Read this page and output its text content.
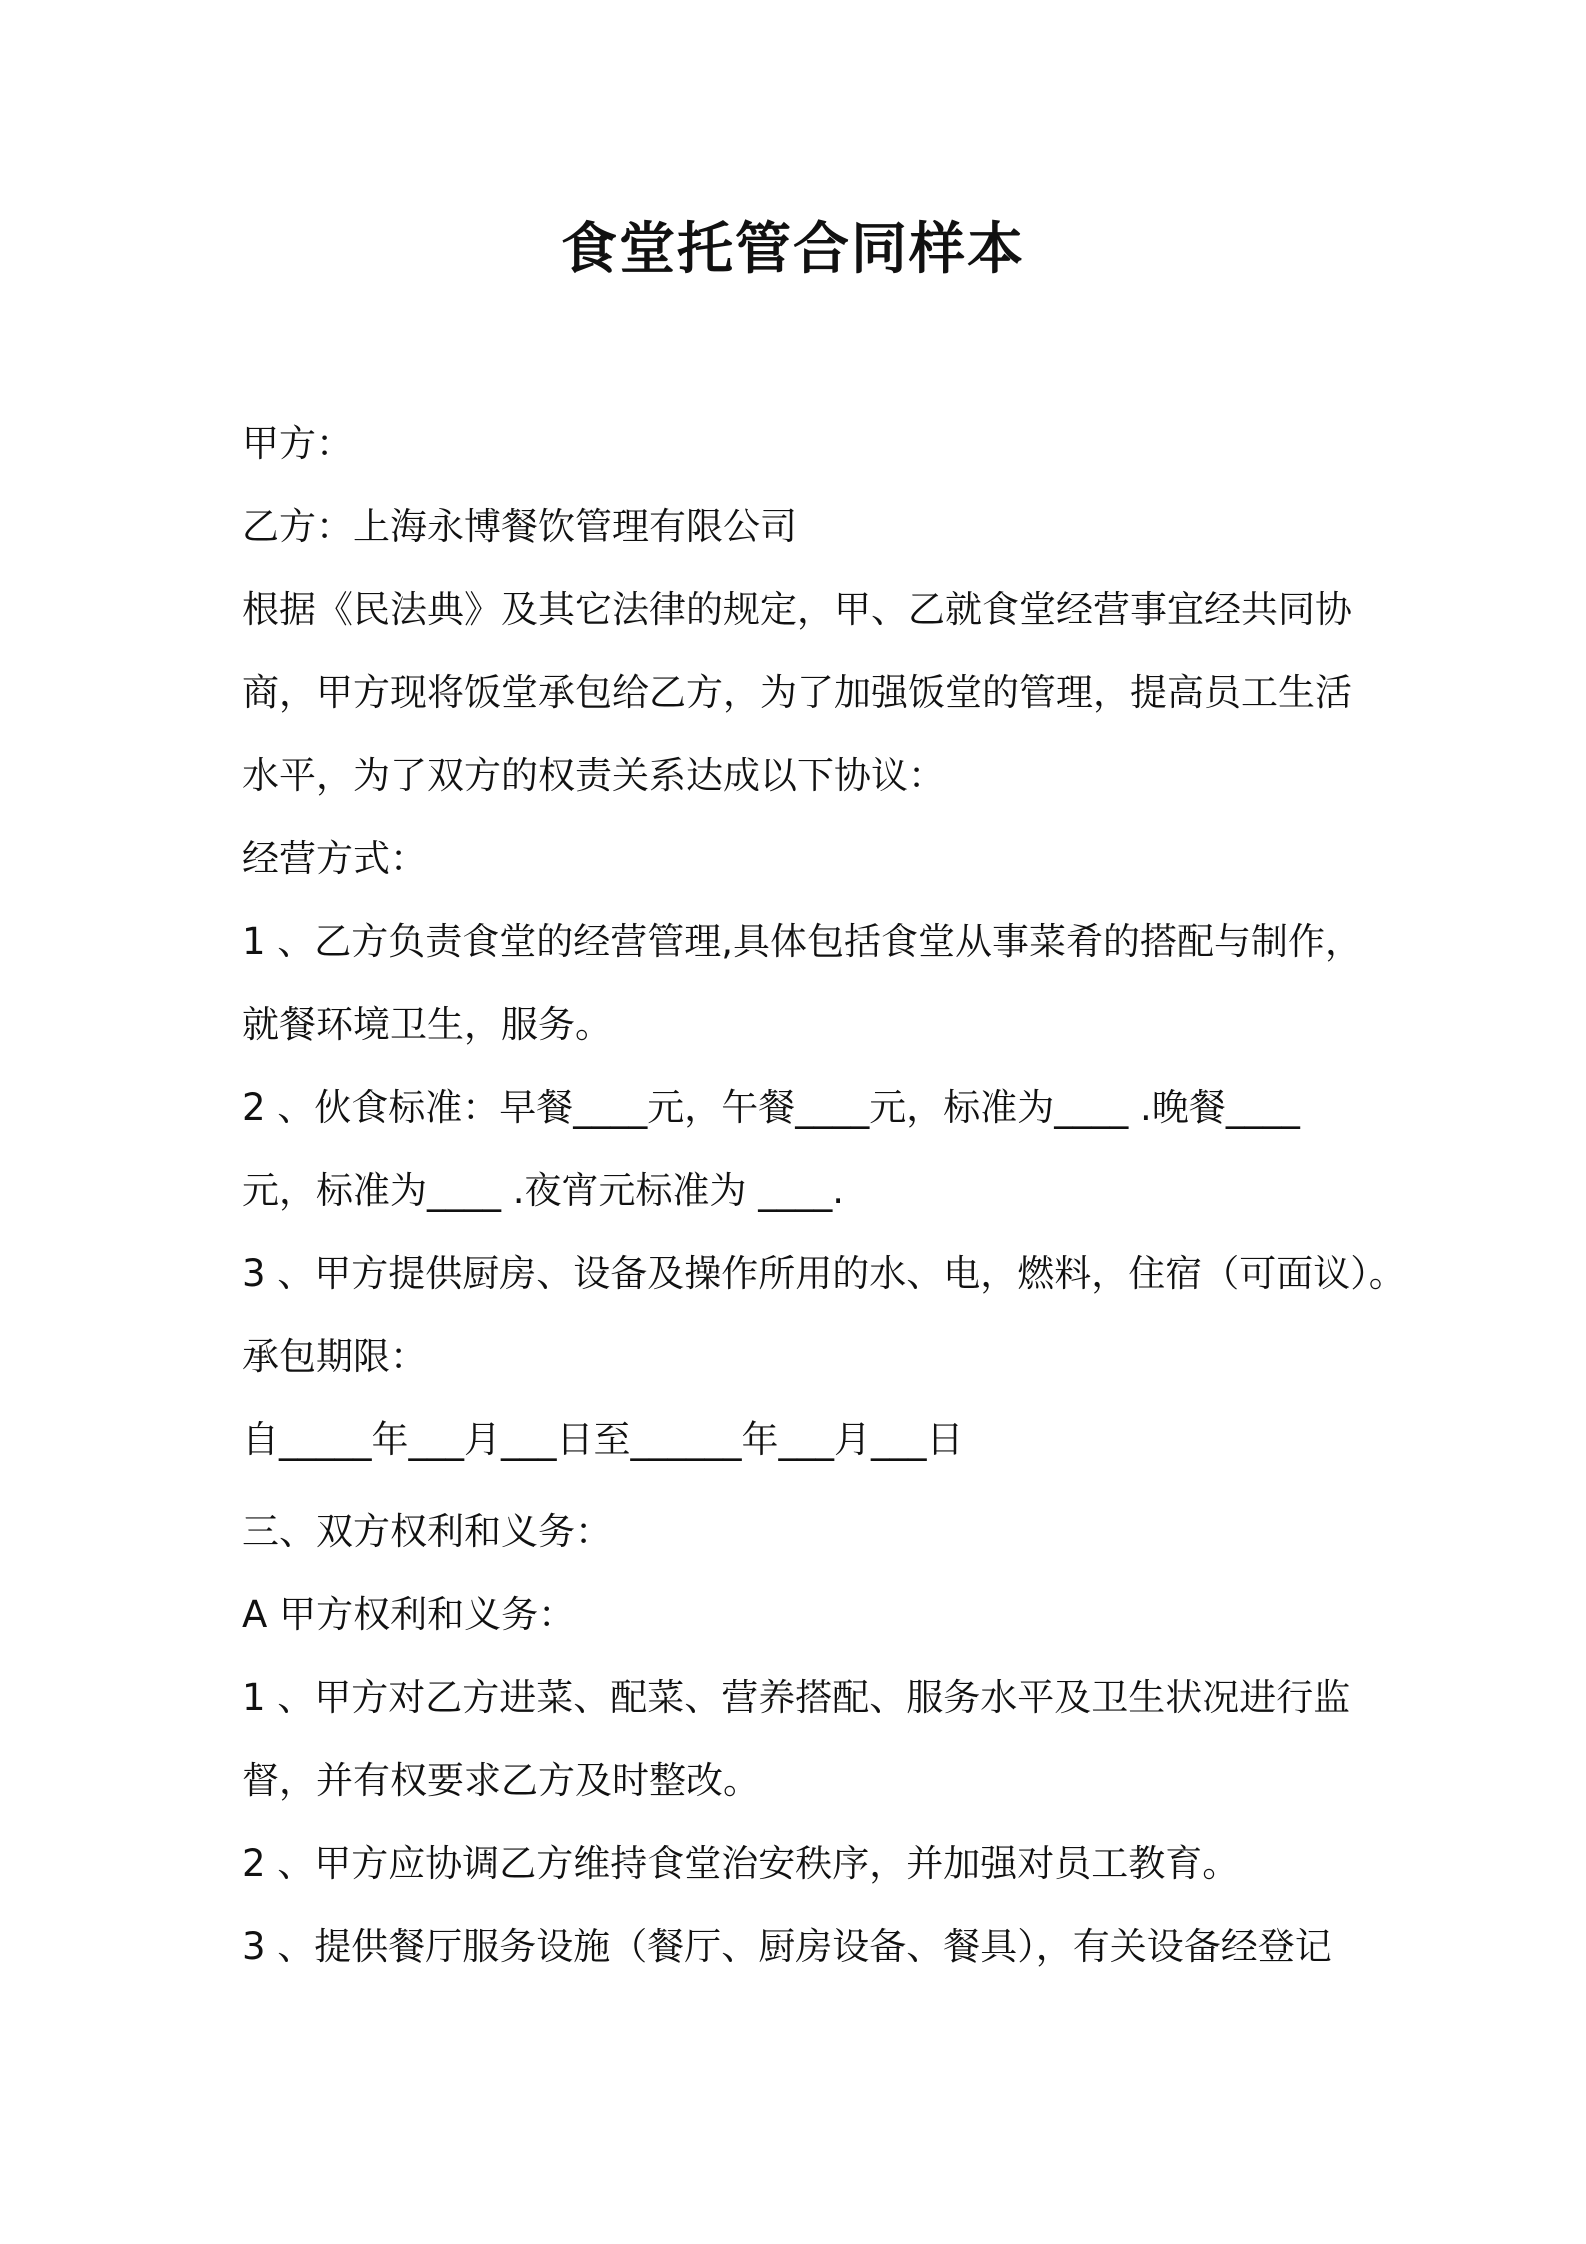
食堂托管合同样本
甲方：
乙方：上海永博餐饮管理有限公司
根据《民法典》及其它法律的规定，甲、乙就食堂经营事宜经共同协
商，甲方现将饭堂承包给乙方，为了加强饭堂的管理，提高员工生活
水平，为了双方的权责关系达成以下协议：
经营方式：
1 、乙方负责食堂的经营管理,具体包括食堂从事菜肴的搭配与制作，
就餐环境卫生，服务。
2 、伙食标准：早餐____元，午餐____元，标准为____ .晚餐____
元，标准为____ .夜宵元标准为 ____.
3 、甲方提供厨房、设备及操作所用的水、电，燃料，住宿（可面议）。
承包期限：
自_____年___月___日至______年___月___日
三、双方权利和义务：
A 甲方权利和义务：
1 、甲方对乙方进菜、配菜、营养搭配、服务水平及卫生状况进行监
督，并有权要求乙方及时整改。
2 、甲方应协调乙方维持食堂治安秩序，并加强对员工教育。
3 、提供餐厅服务设施（餐厅、厨房设备、餐具），有关设备经登记
